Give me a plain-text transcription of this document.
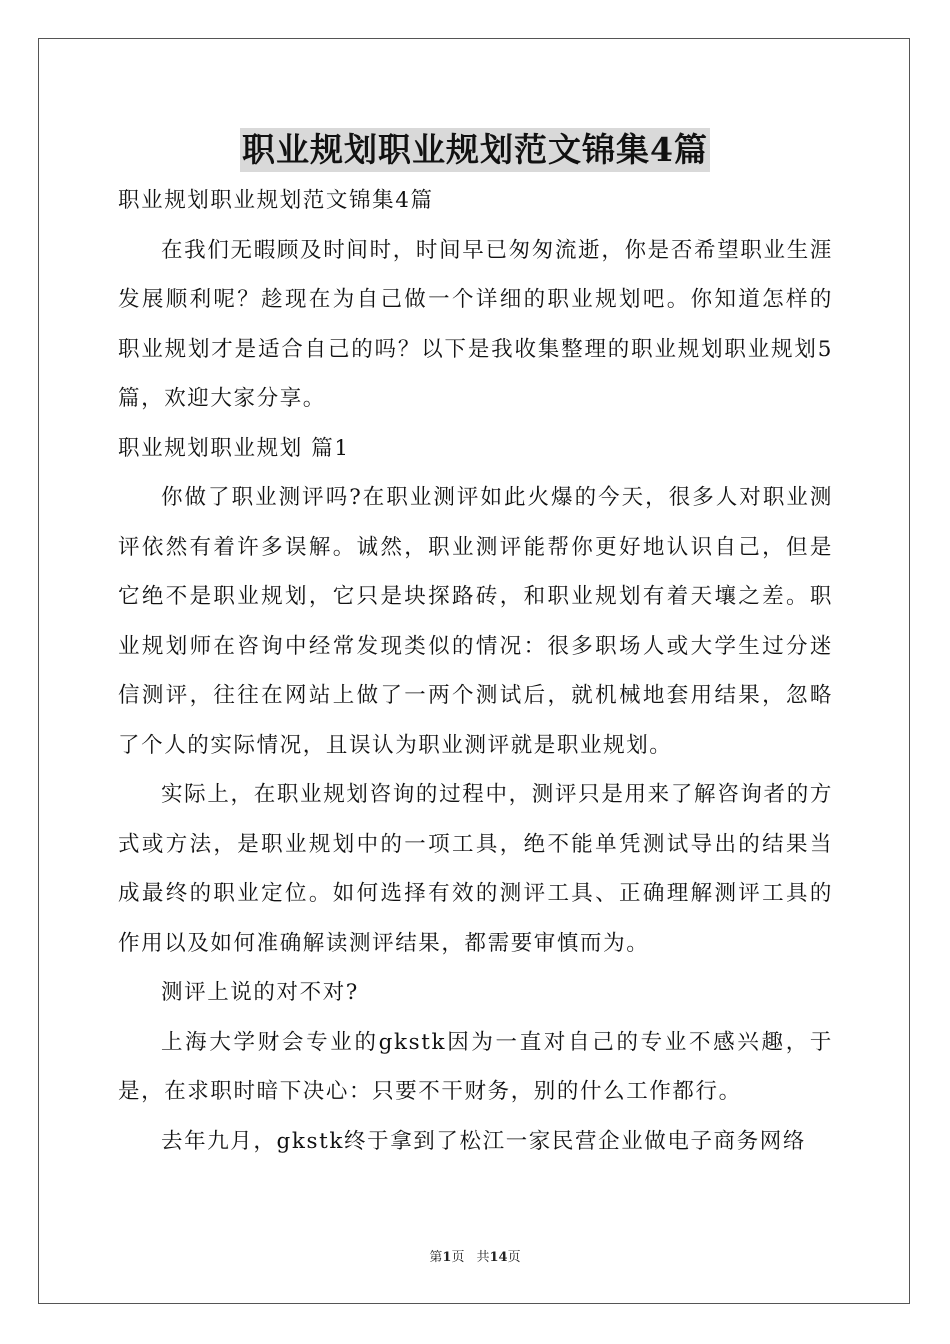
职业规划职业规划范文锦集4篇

职业规划职业规划范文锦集4篇

在我们无暇顾及时间时，时间早已匆匆流逝，你是否希望职业生涯发展顺利呢？趁现在为自己做一个详细的职业规划吧。你知道怎样的职业规划才是适合自己的吗？以下是我收集整理的职业规划职业规划5篇，欢迎大家分享。

职业规划职业规划 篇1

你做了职业测评吗?在职业测评如此火爆的今天，很多人对职业测评依然有着许多误解。诚然，职业测评能帮你更好地认识自己，但是它绝不是职业规划，它只是块探路砖，和职业规划有着天壤之差。职业规划师在咨询中经常发现类似的情况：很多职场人或大学生过分迷信测评，往往在网站上做了一两个测试后，就机械地套用结果，忽略了个人的实际情况，且误认为职业测评就是职业规划。

实际上，在职业规划咨询的过程中，测评只是用来了解咨询者的方式或方法，是职业规划中的一项工具，绝不能单凭测试导出的结果当成最终的职业定位。如何选择有效的测评工具、正确理解测评工具的作用以及如何准确解读测评结果，都需要审慎而为。

测评上说的对不对?

上海大学财会专业的gkstk因为一直对自己的专业不感兴趣，于是，在求职时暗下决心：只要不干财务，别的什么工作都行。

去年九月，gkstk终于拿到了松江一家民营企业做电子商务网络

第1页 共14页
